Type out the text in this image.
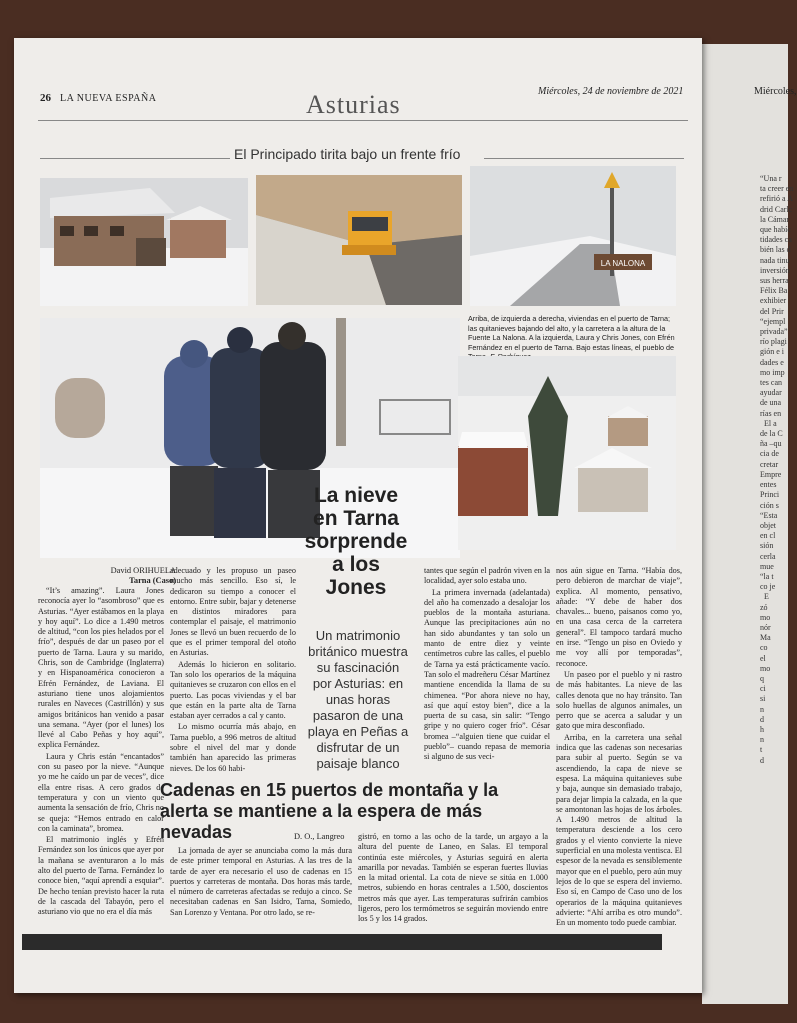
Miércoles,
“Una r
ta creer en
refirió a A
drid Carlc
la Cámar
que habíc
tidades ca
bién las d
nada tinu
inversión
sus herra
Félix Ba
exhibier
del Prir
“ejempl
privada”
río plagi
gión e i
dades e
mo imp
tes can
ayudar
de una
rías en
El a
de la C
ña –qu
cia de
cretar
Empre
entes
Princi
ción s
“Esta
objet
en cl
sión
cerla
mue
“la t
co je
E
zó
mo
nór
Ma
co
el
mo
q
ci
si
n
d
h
n
t
d
26 LA NUEVA ESPAÑA	Asturias	Miércoles, 24 de noviembre de 2021
El Principado tirita bajo un frente frío
LA NALONA
Arriba, de izquierda a derecha, viviendas en el puerto de Tarna; las quitanieves bajando del alto, y la carretera a la altura de la Fuente La Nalona. A la izquierda, Laura y Chris Jones, con Efrén Fernández en el puerto de Tarna. Bajo estas líneas, el pueblo de
La nieve en Tarna sorprende a los Jones
Un matrimonio británico muestra su fascinación por Asturias: en unas horas pasaron de una playa en Peñas a disfrutar de un paisaje blanco
David ORIHUELA
Tarna (Caso)

“It’s amazing”. Laura Jones reconocía ayer lo “asombroso” que es Asturias. “Ayer estábamos en la playa y hoy aquí”. Lo dice a 1.490 metros de altitud, “con los pies helados por el frío”, después de dar un paseo por el puerto de Tarna. Laura y su marido, Chris, son de Cambridge (Inglaterra) y en Hispanoamérica conocieron a Efrén Fernández, de Laviana. El asturiano tiene unos alojamientos rurales en Naveces (Castrillón) y sus amigos británicos han venido a pasar una semana. “Ayer (por el lunes) los llevé al Cabo Peñas y hoy aquí”, explica Fernández.

Laura y Chris están “encantados” con su paseo por la nieve. “Aunque yo me he caído un par de veces”, dice ella entre risas. A cero grados de temperatura y con un viento que aumenta la sensación de frío, Chris no se queja: “Hemos entrado en calor con la caminata”, bromea.

El matrimonio inglés y Efrén Fernández son los únicos que ayer por la mañana se aventuraron a lo más alto del puerto de Tarna. Fernández lo conoce bien, “aquí aprendí a esquiar”. De hecho tenían previsto hacer la ruta de la cascada del Tabayón, pero el asturiano vio que no era el día más

adecuado y les propuso un paseo mucho más sencillo. Eso sí, le dedicaron su tiempo a conocer el entorno. Entre subir, bajar y detenerse en distintos miradores para contemplar el paisaje, el matrimonio Jones se llevó un buen recuerdo de lo que es el primer temporal del otoño en Asturias.

Además lo hicieron en solitario. Tan solo los operarios de la máquina quitanieves se cruzaron con ellos en el puerto. Las pocas viviendas y el bar que están en la parte alta de Tarna estaban ayer cerrados a cal y canto.

Lo mismo ocurría más abajo, en Tarna pueblo, a 996 metros de altitud sobre el nivel del mar y donde también han aparecido las primeras nieves. De los 60 habi-

tantes que según el padrón viven en la localidad, ayer solo estaba uno.

La primera invernada (adelantada) del año ha comenzado a desalojar los pueblos de la montaña asturiana. Aunque las precipitaciones aún no han sido abundantes y tan solo un manto de entre diez y veinte centímetros cubre las calles, el pueblo de Tarna ya está prácticamente vacío. Tan solo el madreñeru César Martínez mantiene encendida la llama de su chimenea. “Por ahora nieve no hay, así que aquí estoy bien”, dice a la puerta de su casa, sin salir: “Tengo gripe y no quiero coger frío”. César bromea –“alguien tiene que cuidar el pueblo”– cuando repasa de memoria si alguno de sus veci-

nos aún sigue en Tarna. “Había dos, pero debieron de marchar de viaje”, explica. Al momento, pensativo, añade: “Y debe de haber dos chavales... bueno, paisanos como yo, en una casa cerca de la carretera general”. El tampoco tardará mucho en irse. “Tengo un piso en Oviedo y me voy allí por temporadas”, reconoce.

Un paseo por el pueblo y ni rastro de más habitantes. La nieve de las calles denota que no hay tránsito. Tan solo huellas de algunos animales, un perro que se acerca a saludar y un gato que mira desconfiado.

Arriba, en la carretera una señal indica que las cadenas son necesarias para subir al puerto. Según se va ascendiendo, la capa de nieve se espesa. La máquina quitanieves sube y baja, aunque sin demasiado trabajo, para dejar limpia la calzada, en la que se amontonan las hojas de los árboles. A 1.490 metros de altitud la temperatura desciende a los cero grados y el viento convierte la nieve superficial en una molesta ventisca. El espesor de la nevada es sensiblemente mayor que en el pueblo, pero aún muy lejos de lo que se espera del invierno. Eso sí, en Campo de Caso uno de los operarios de la máquina quitanieves advierte: “Ahí arriba es otro mundo”. En un momento todo puede cambiar.

Cadenas en 15 puertos de montaña y la alerta se mantiene a la espera de más nevadas	D. O., Langreo

La jornada de ayer se anunciaba como la más dura de este primer temporal en Asturias. A las tres de la tarde de ayer era necesario el uso de cadenas en 15 puertos y carreteras de montaña. Dos horas más tarde, el número de carreteras afectadas se redujo a cinco. Se necesitaban cadenas en San Isidro, Tarna, Somiedo, San Lorenzo y Ventana. Por otro lado, se re-

gistró, en torno a las ocho de la tarde, un argayo a la altura del puente de Laneo, en Salas. El temporal continúa este miércoles, y Asturias seguirá en alerta amarilla por nevadas. También se esperan fuertes lluvias en la mitad oriental. La cota de nieve se sitúa en 1.000 metros, subiendo en horas centrales a 1.500, doscientos metros más que ayer. Las temperaturas sufrirán cambios ligeros, pero los termómetros se seguirán moviendo entre los 5 y los 14 grados.
